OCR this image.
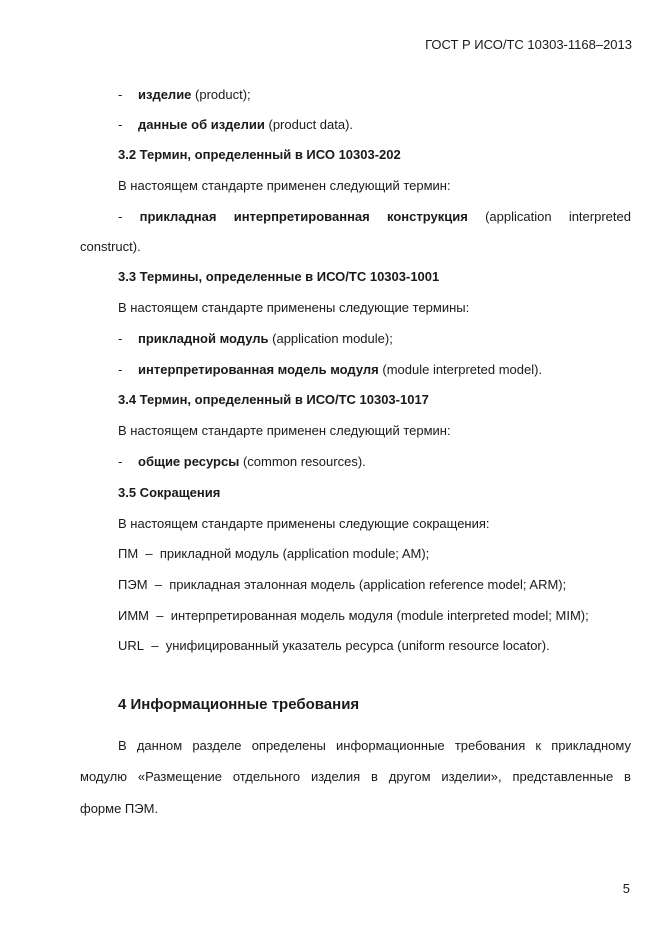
ГОСТ Р ИСО/ТС 10303-1168–2013
- изделие (product);
- данные об изделии (product data).
3.2 Термин, определенный в ИСО 10303-202
В настоящем стандарте применен следующий термин:
- прикладная интерпретированная конструкция (application interpreted
construct).
3.3 Термины, определенные в ИСО/ТС 10303-1001
В настоящем стандарте применены следующие термины:
- прикладной модуль (application module);
- интерпретированная модель модуля (module interpreted model).
3.4 Термин, определенный в ИСО/ТС 10303-1017
В настоящем стандарте применен следующий термин:
- общие ресурсы (common resources).
3.5 Сокращения
В настоящем стандарте применены следующие сокращения:
ПМ  –  прикладной модуль (application module; AM);
ПЭМ  –  прикладная эталонная модель (application reference model; ARM);
ИММ  –  интерпретированная модель модуля (module interpreted model; MIM);
URL  –  унифицированный указатель ресурса (uniform resource locator).
4 Информационные требования
В данном разделе определены информационные требования к прикладному
модулю «Размещение отдельного изделия в другом изделии», представленные в
форме ПЭМ.
5
